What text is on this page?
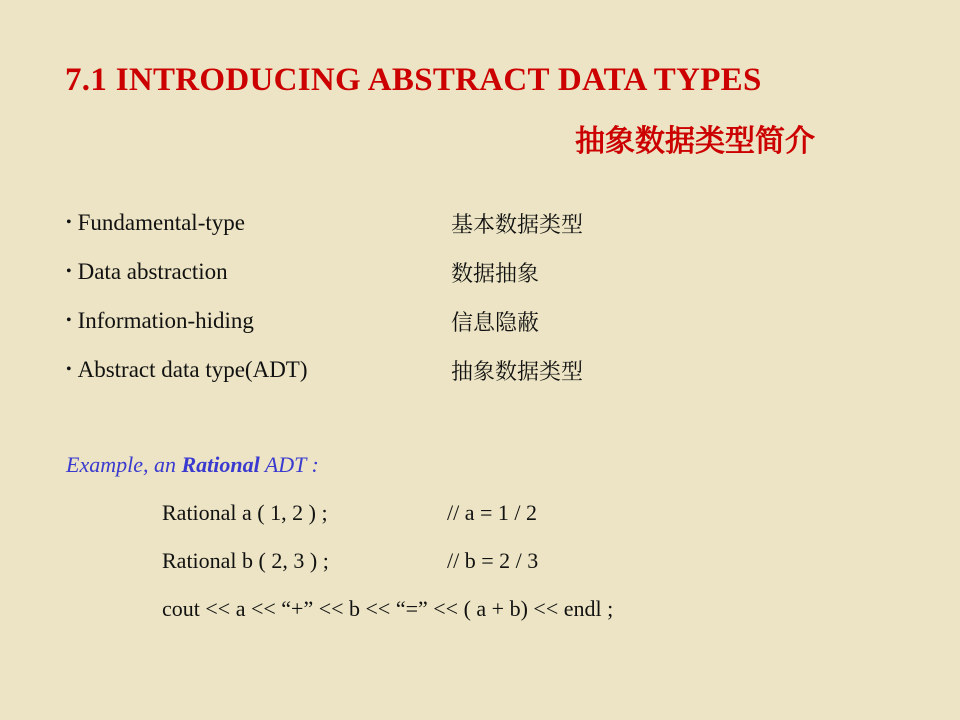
7.1 INTRODUCING ABSTRACT DATA TYPES
抽象数据类型简介
• Fundamental-type	基本数据类型
• Data abstraction	数据抽象
• Information-hiding	信息隐蔽
• Abstract data type(ADT)	抽象数据类型
Example, an Rational ADT :
Rational a ( 1, 2 ) ;	// a = 1 / 2
Rational b ( 2, 3 ) ;	// b = 2 / 3
cout << a << “+” << b << “=” << ( a + b) << endl ;
